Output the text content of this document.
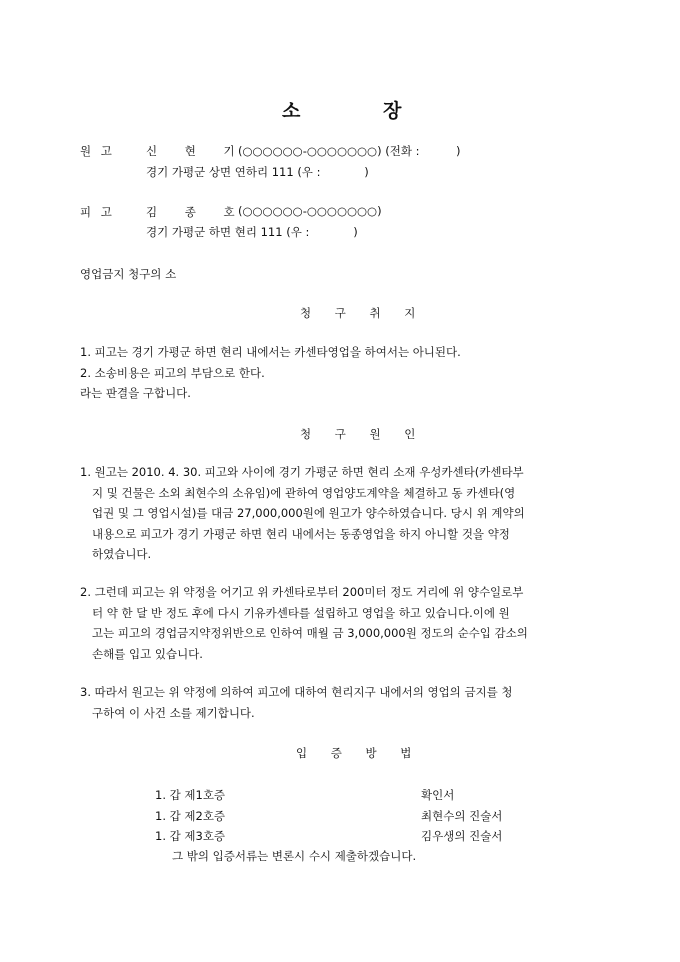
소	장
원 고	신 현 기 (○○○○○○-○○○○○○○) (전화 :          )
경기 가평군 상면 연하리 111 (우 :            )
피 고	김 종 호 (○○○○○○-○○○○○○○)
경기 가평군 하면 현리 111 (우 :            )
영업금지 청구의 소
청 구 취 지
1. 피고는 경기 가평군 하면 현리 내에서는 카센타영업을 하여서는 아니된다.
2. 소송비용은 피고의 부담으로 한다.
라는 판결을 구합니다.
청 구 원 인
1. 원고는 2010. 4. 30. 피고와 사이에 경기 가평군 하면 현리 소재 우성카센타(카센타부
지 및 건물은 소외 최현수의 소유임)에 관하여 영업양도계약을 체결하고 동 카센타(영
업권 및 그 영업시설)를 대금 27,000,000원에 원고가 양수하였습니다. 당시 위 계약의
내용으로 피고가 경기 가평군 하면 현리 내에서는 동종영업을 하지 아니할 것을 약정
하였습니다.
2. 그런데 피고는 위 약정을 어기고 위 카센타로부터 200미터 정도 거리에 위 양수일로부
터 약 한 달 반 정도 후에 다시 기유카센타를 설립하고 영업을 하고 있습니다.이에 원
고는 피고의 경업금지약정위반으로 인하여 매월 금 3,000,000원 정도의 순수입 감소의
손해를 입고 있습니다.
3. 따라서 원고는 위 약정에 의하여 피고에 대하여 현리지구 내에서의 영업의 금지를 청
구하여 이 사건 소를 제기합니다.
입 증 방 법
1. 갑 제1호증	확인서
1. 갑 제2호증	최현수의 진술서
1. 갑 제3호증	김우생의 진술서
그 밖의 입증서류는 변론시 수시 제출하겠습니다.
